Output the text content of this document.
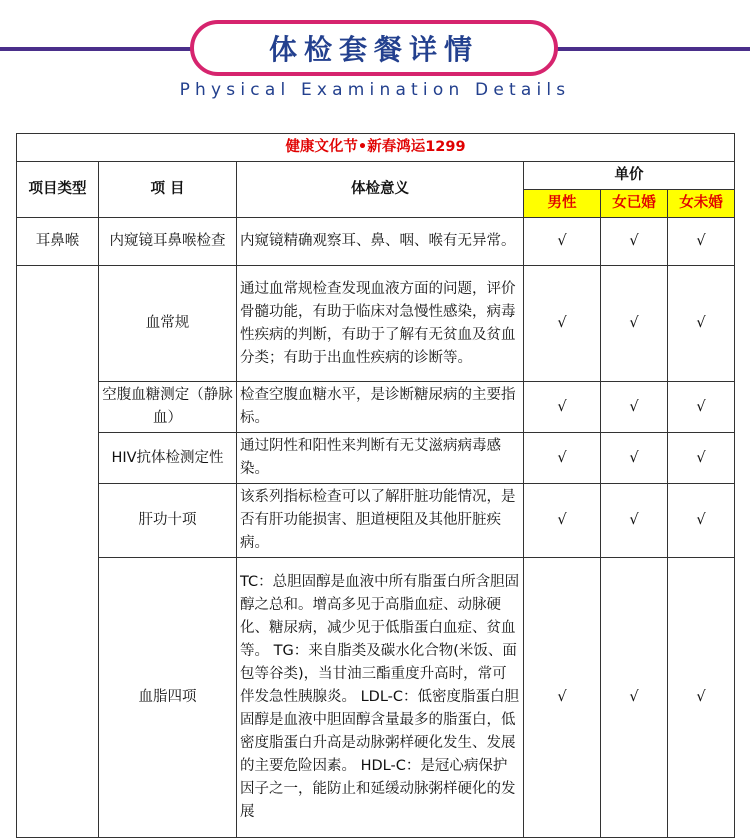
体检套餐详情
Physical Examination Details
健康文化节•新春鸿运1299					
项目类型	项 目	体检意义	单价		
			男性	女已婚	女未婚
耳鼻喉	内窥镜耳鼻喉检查	内窥镜精确观察耳、鼻、咽、喉有无异常。	√	√	√
	血常规	通过血常规检查发现血液方面的问题，评价骨髓功能，有助于临床对急慢性感染，病毒性疾病的判断，有助于了解有无贫血及贫血分类；有助于出血性疾病的诊断等。	√	√	√
	空腹血糖测定（静脉血）	检查空腹血糖水平，是诊断糖尿病的主要指标。	√	√	√
	HIV抗体检测定性	通过阴性和阳性来判断有无艾滋病病毒感染。	√	√	√
	肝功十项	该系列指标检查可以了解肝脏功能情况，是否有肝功能损害、胆道梗阻及其他肝脏疾病。	√	√	√
	血脂四项	TC：总胆固醇是血液中所有脂蛋白所含胆固醇之总和。增高多见于高脂血症、动脉硬化、糖尿病，减少见于低脂蛋白血症、贫血等。 TG：来自脂类及碳水化合物(米饭、面包等谷类)，当甘油三酯重度升高时，常可伴发急性胰腺炎。 LDL-C：低密度脂蛋白胆固醇是血液中胆固醇含量最多的脂蛋白，低密度脂蛋白升高是动脉粥样硬化发生、发展的主要危险因素。 HDL-C：是冠心病保护因子之一，能防止和延缓动脉粥样硬化的发展	√	√	√
